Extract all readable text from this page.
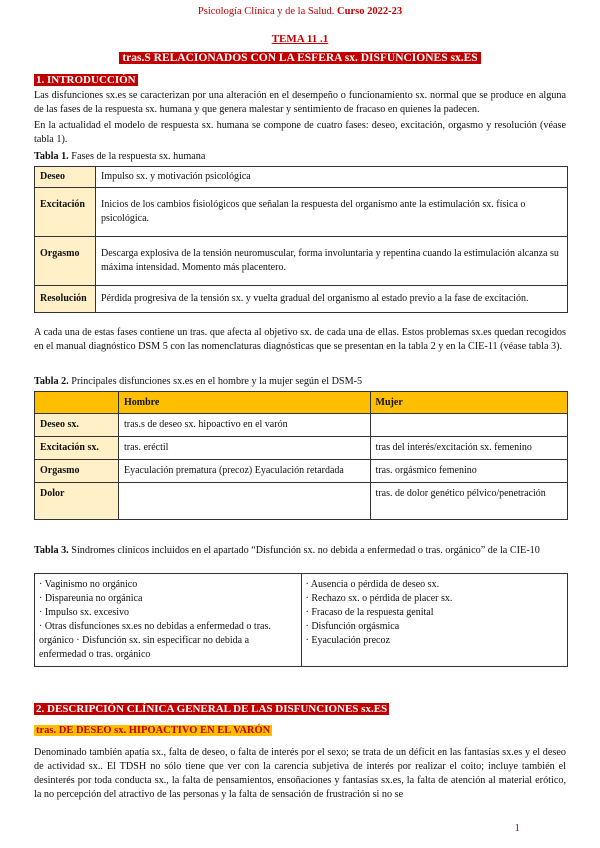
Psicología Clínica y de la Salud. Curso 2022-23
TEMA 11 .1
tras.S RELACIONADOS CON LA ESFERA sx. DISFUNCIONES sx.ES
1. INTRODUCCIÓN
Las disfunciones sx.es se caracterizan por una alteración en el desempeño o funcionamiento sx. normal que se produce en alguna de las fases de la respuesta sx. humana y que genera malestar y sentimiento de fracaso en quienes la padecen.
En la actualidad el modelo de respuesta sx. humana se compone de cuatro fases: deseo, excitación, orgasmo y resolución (véase tabla 1).
Tabla 1. Fases de la respuesta sx. humana
Deseo	Impulso sx. y motivación psicológica
Excitación	Inicios de los cambios fisiológicos que señalan la respuesta del organismo ante la estimulación sx. física o psicológica.
Orgasmo	Descarga explosiva de la tensión neuromuscular, forma involuntaria y repentina cuando la estimulación alcanza su máxima intensidad. Momento más placentero.
Resolución	Pérdida progresiva de la tensión sx. y vuelta gradual del organismo al estado previo a la fase de excitación.
A cada una de estas fases contiene un tras. que afecta al objetivo sx. de cada una de ellas. Estos problemas sx.es quedan recogidos en el manual diagnóstico DSM 5 con las nomenclaturas diagnósticas que se presentan en la tabla 2 y en la CIE-11 (véase tabla 3).
Tabla 2. Principales disfunciones sx.es en el hombre y la mujer según el DSM-5
	Hombre	Mujer
Deseo sx.	tras.s de deseo sx. hipoactivo en el varón	
Excitación sx.	tras. eréctil	tras del interés/excitación sx. femenino
Orgasmo	Eyaculación prematura (precoz) Eyaculación retardada	tras. orgásmico femenino
Dolor		tras. de dolor genético pélvico/penetración
Tabla 3. Síndromes clínicos incluidos en el apartado “Disfunción sx. no debida a enfermedad o tras. orgánico” de la CIE-10
· Vaginismo no orgánico
· Dispareunia no orgánica
· Impulso sx. excesivo
· Otras disfunciones sx.es no debidas a enfermedad o tras. orgánico · Disfunción sx. sin especificar no debida a enfermedad o tras. orgánico

· Ausencia o pérdida de deseo sx.
· Rechazo sx. o pérdida de placer sx.
· Fracaso de la respuesta genital
· Disfunción orgásmica
· Eyaculación precoz
2. DESCRIPCIÓN CLÍNICA GENERAL DE LAS DISFUNCIONES sx.ES
tras. DE DESEO sx. HIPOACTIVO EN EL VARÓN
Denominado también apatía sx., falta de deseo, o falta de interés por el sexo; se trata de un déficit en las fantasías sx.es y el deseo de actividad sx.. El TDSH no sólo tiene que ver con la carencia subjetiva de interés por realizar el coito; incluye también el desinterés por toda conducta sx., la falta de pensamientos, ensoñaciones y fantasías sx.es, la falta de atención al material erótico, la no percepción del atractivo de las personas y la falta de sensación de frustración si no se
1
